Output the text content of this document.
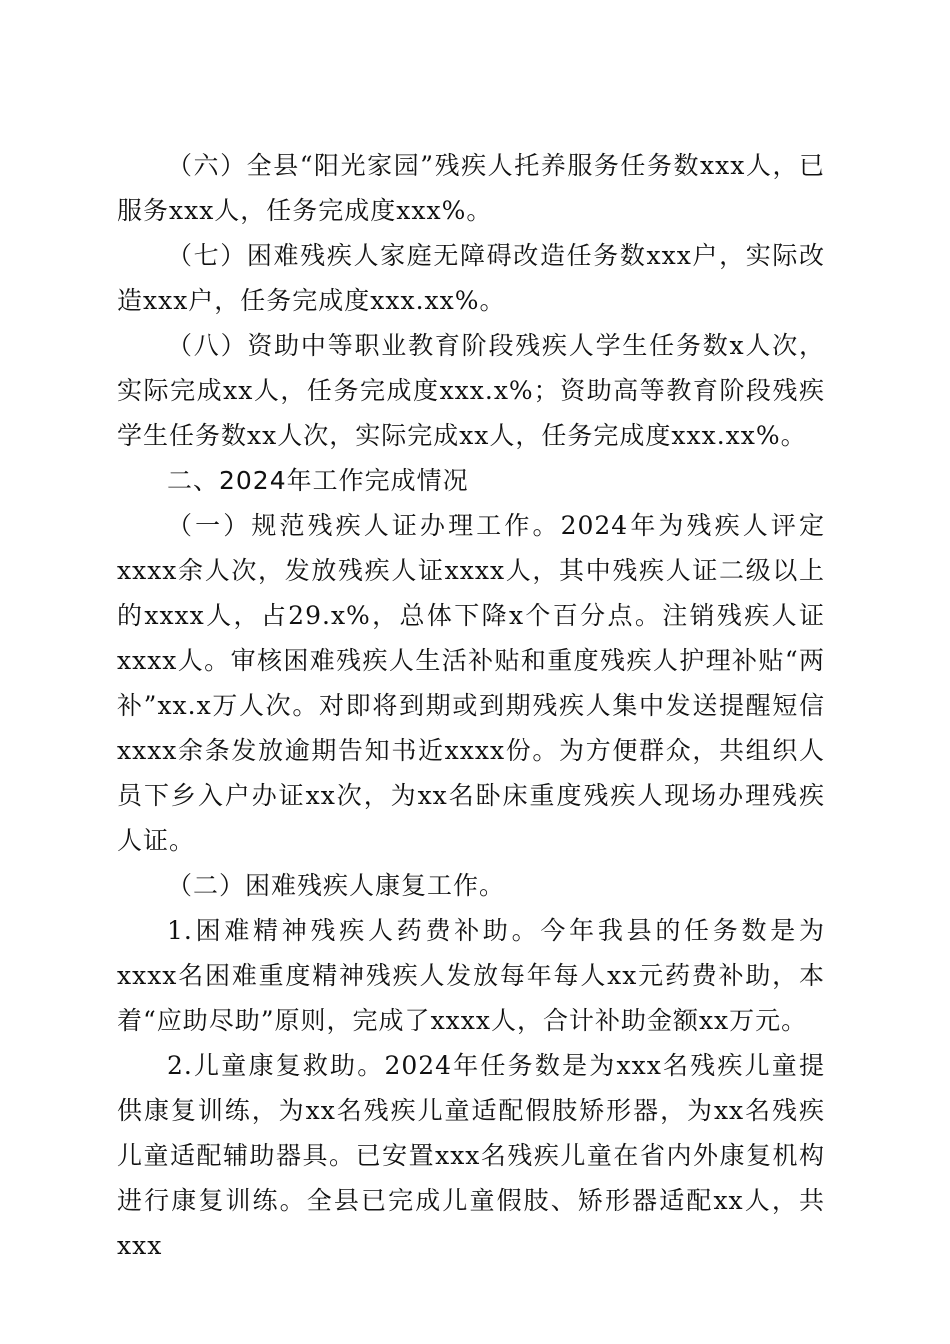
（六）全县“阳光家园”残疾人托养服务任务数xxx人，已服务xxx人，任务完成度xxx%。

（七）困难残疾人家庭无障碍改造任务数xxx户，实际改造xxx户，任务完成度xxx.xx%。

（八）资助中等职业教育阶段残疾人学生任务数x人次，实际完成xx人，任务完成度xxx.x%；资助高等教育阶段残疾学生任务数xx人次，实际完成xx人，任务完成度xxx.xx%。

二、2024年工作完成情况

（一）规范残疾人证办理工作。2024年为残疾人评定xxxx余人次，发放残疾人证xxxx人，其中残疾人证二级以上的xxxx人，占29.x%，总体下降x个百分点。注销残疾人证xxxx人。审核困难残疾人生活补贴和重度残疾人护理补贴“两补”xx.x万人次。对即将到期或到期残疾人集中发送提醒短信xxxx余条发放逾期告知书近xxxx份。为方便群众，共组织人员下乡入户办证xx次，为xx名卧床重度残疾人现场办理残疾人证。

（二）困难残疾人康复工作。

1.困难精神残疾人药费补助。今年我县的任务数是为xxxx名困难重度精神残疾人发放每年每人xx元药费补助，本着“应助尽助”原则，完成了xxxx人，合计补助金额xx万元。

2.儿童康复救助。2024年任务数是为xxx名残疾儿童提供康复训练，为xx名残疾儿童适配假肢矫形器，为xx名残疾儿童适配辅助器具。已安置xxx名残疾儿童在省内外康复机构进行康复训练。全县已完成儿童假肢、矫形器适配xx人，共xxx
